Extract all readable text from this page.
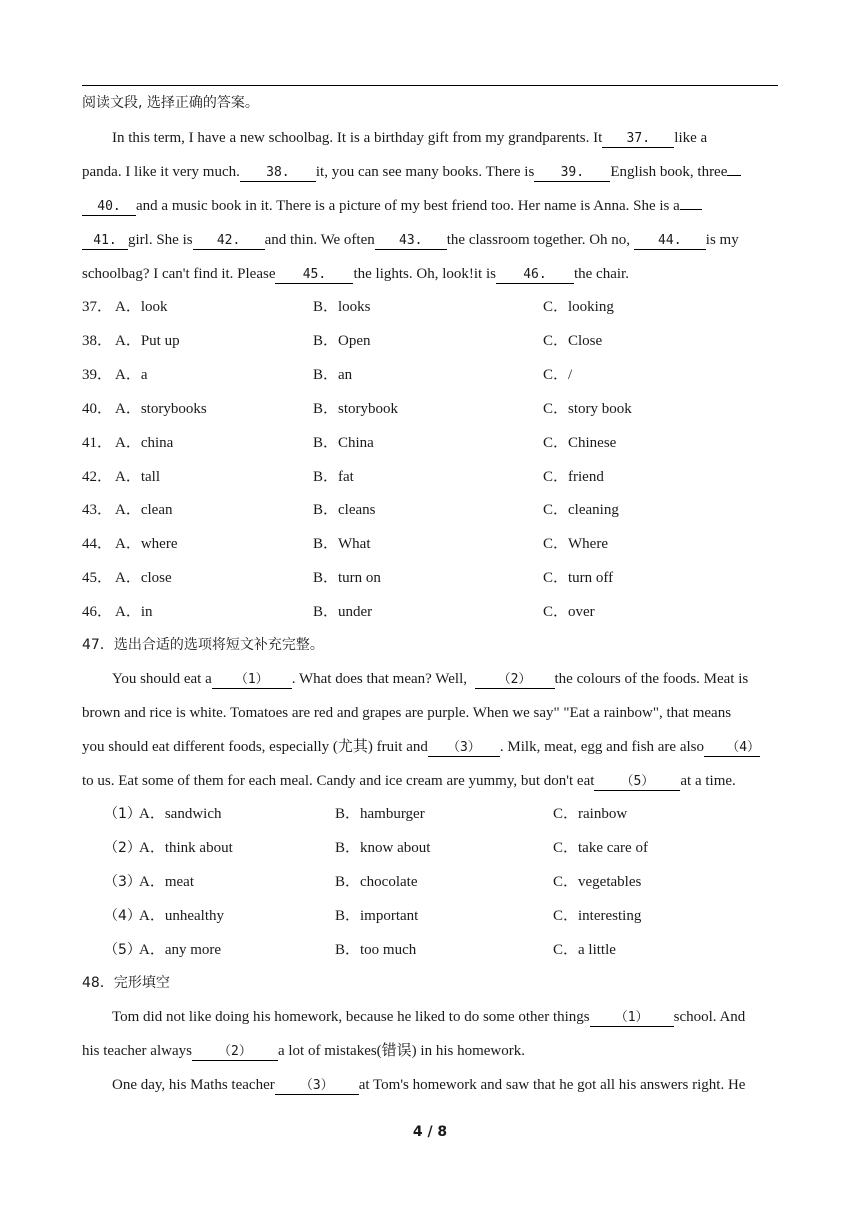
阅读文段, 选择正确的答案。
In this term, I have a new schoolbag. It is a birthday gift from my grandparents. It 37. like a
panda. I like it very much. 38. it, you can see many books. There is 39. English book, three
40. and a music book in it. There is a picture of my best friend too. Her name is Anna. She is a
41. girl. She is 42. and thin. We often 43. the classroom together. Oh no, 44. is my
schoolbag? I can't find it. Please 45. the lights. Oh, look!it is 46. the chair.
37． A．look	B．looks	C．looking
38． A．Put up	B．Open	C．Close
39． A．a	B．an	C．/
40． A．storybooks	B．storybook	C．story book
41． A．china	B．China	C．Chinese
42． A．tall	B．fat	C．friend
43． A．clean	B．cleans	C．cleaning
44． A．where	B．What	C．Where
45． A．close	B．turn on	C．turn off
46． A．in	B．under	C．over
47．选出合适的选项将短文补充完整。
You should eat a （1） . What does that mean? Well, （2） the colours of the foods. Meat is
brown and rice is white. Tomatoes are red and grapes are purple. When we say" "Eat a rainbow", that means
you should eat different foods, especially (尤其) fruit and （3） . Milk, meat, egg and fish are also （4）
to us. Eat some of them for each meal. Candy and ice cream are yummy, but don't eat （5） at a time.
（1）
A．sandwich	B．hamburger	C．rainbow
（2）
A．think about	B．know about	C．take care of
（3）
A．meat	B．chocolate	C．vegetables
（4）
A．unhealthy	B．important	C．interesting
（5）
A．any more	B．too much	C．a little
48．完形填空
Tom did not like doing his homework, because he liked to do some other things （1） school. And
his teacher always （2） a lot of mistakes(错误) in his homework.
One day, his Maths teacher （3） at Tom's homework and saw that he got all his answers right. He
4 / 8
